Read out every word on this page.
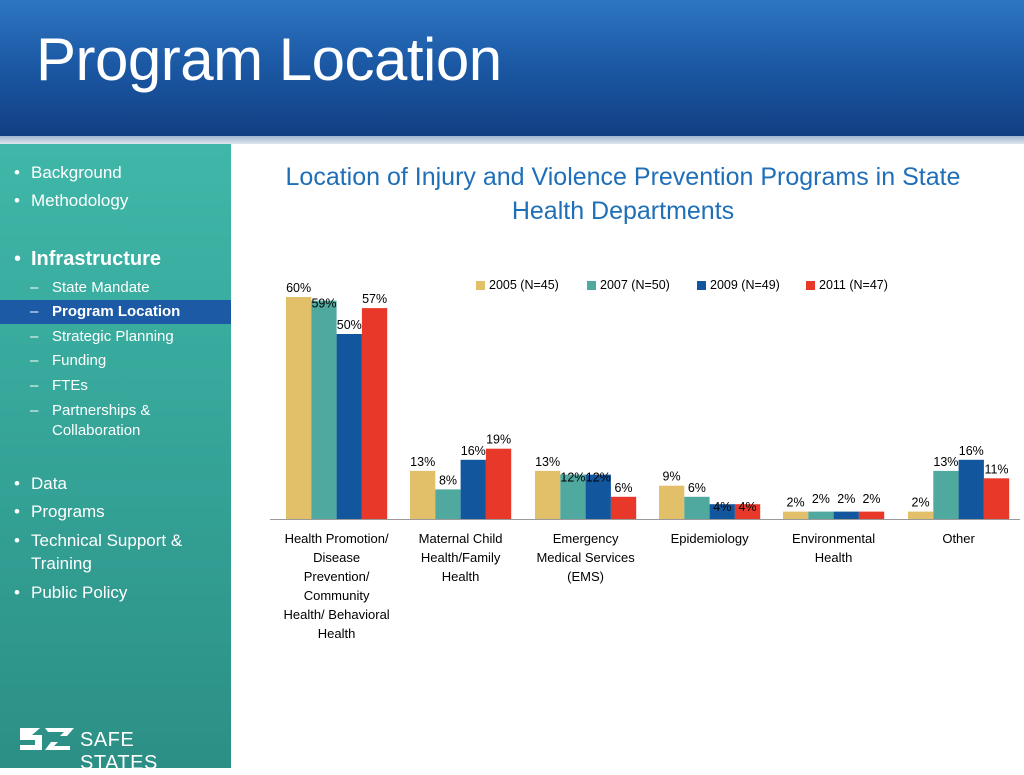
Program Location
• Background
• Methodology
• Infrastructure
– State Mandate
– Program Location
– Strategic Planning
– Funding
– FTEs
– Partnerships & Collaboration
• Data
• Programs
• Technical Support & Training
• Public Policy
SAFE STATES
Location of Injury and Violence Prevention Programs in State Health Departments
2005 (N=45)	2007 (N=50)	2009 (N=49)	2011 (N=47)
60%
59%
50%
57%
13%
8%
16%
19%
13%
12% 12%
6%
9%
6%
4% 4% 2% 2% 2% 2% 2%
13%
16%
11%
Health Promotion/
Disease
Prevention/
Community
Health/ Behavioral
Health
Maternal Child
Health/Family
Health
Emergency
Medical Services
(EMS)
Epidemiology	Environmental
Health
Other
